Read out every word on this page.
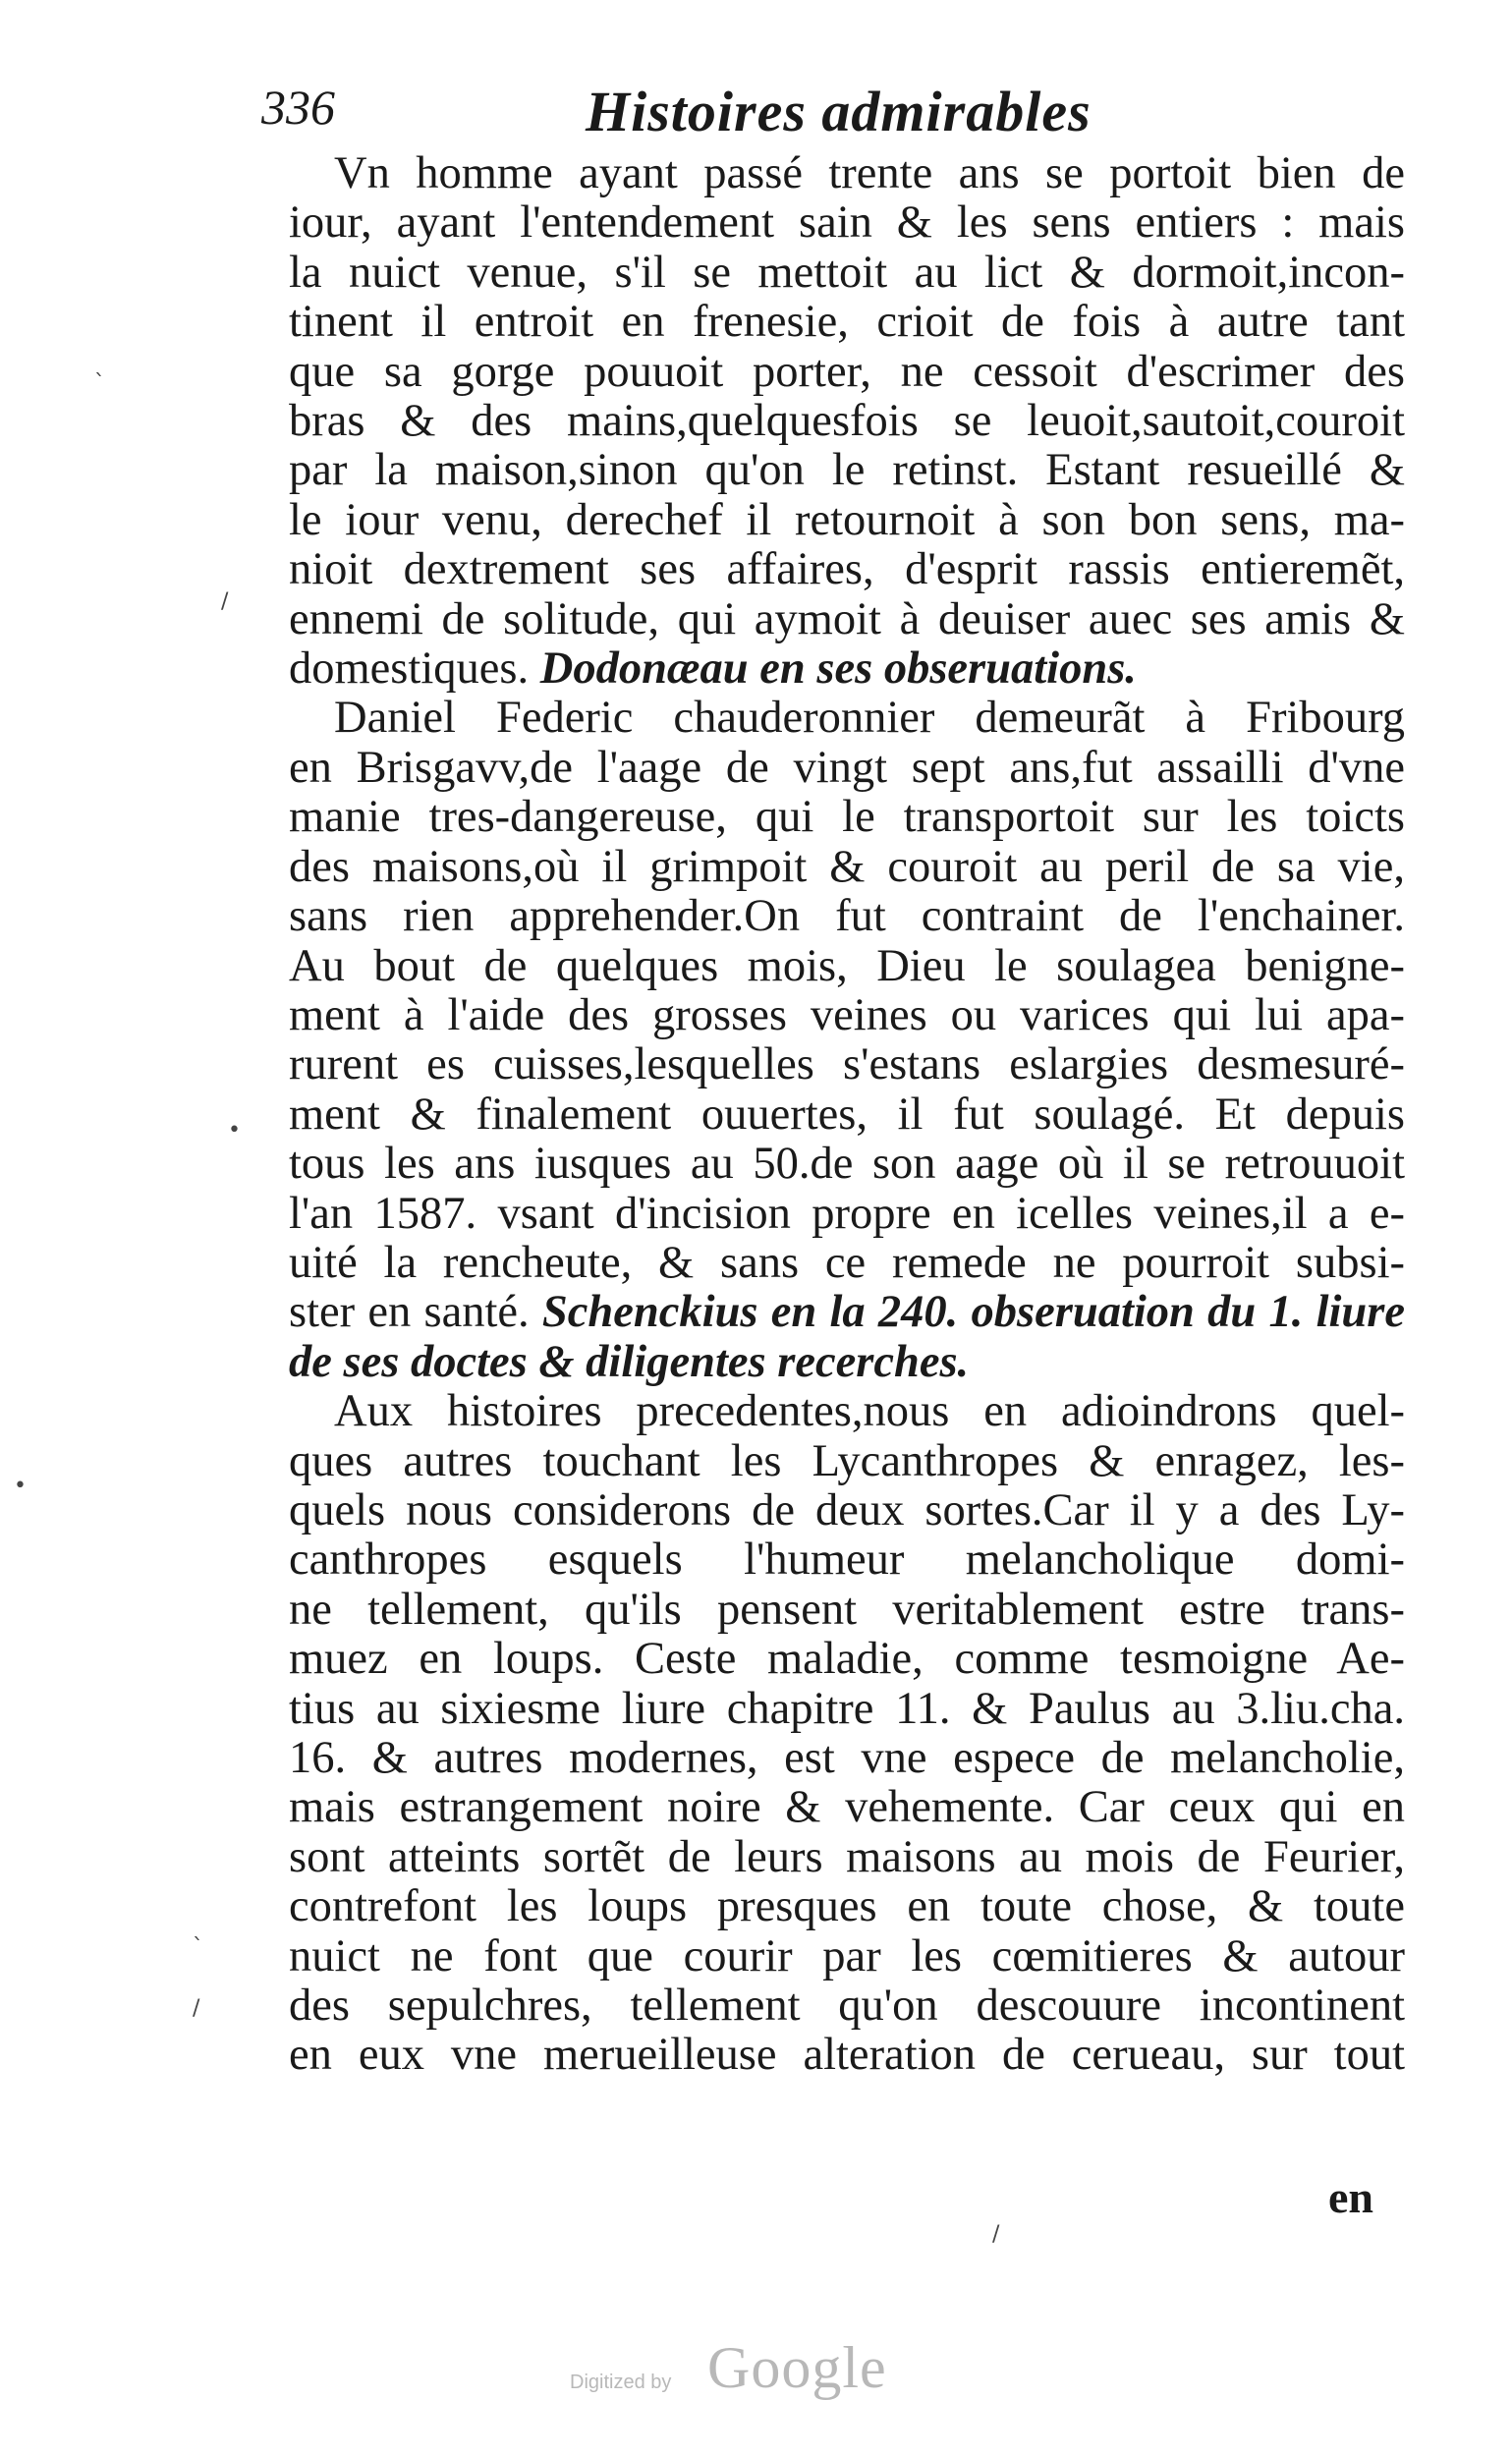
336	Histoires admirables
Vn homme ayant passé trente ans se portoit bien de
iour, ayant l'entendement sain & les sens entiers : mais
la nuict venue, s'il se mettoit au lict & dormoit,incon-
tinent il entroit en frenesie, crioit de fois à autre tant
que sa gorge pouuoit porter, ne cessoit d'escrimer des
bras & des mains,quelquesfois se leuoit,sautoit,couroit
par la maison,sinon qu'on le retinst. Estant resueillé &
le iour venu, derechef il retournoit à son bon sens, ma-
nioit dextrement ses affaires, d'esprit rassis entieremẽt,
ennemi de solitude, qui aymoit à deuiser auec ses amis &
domestiques. Dodonæau en ses obseruations.
Daniel Federic chauderonnier demeurãt à Fribourg
en Brisgavv,de l'aage de vingt sept ans,fut assailli d'vne
manie tres-dangereuse, qui le transportoit sur les toicts
des maisons,où il grimpoit & couroit au peril de sa vie,
sans rien apprehender.On fut contraint de l'enchainer.
Au bout de quelques mois, Dieu le soulagea benigne-
ment à l'aide des grosses veines ou varices qui lui apa-
rurent es cuisses,lesquelles s'estans eslargies desmesuré-
ment & finalement ouuertes, il fut soulagé. Et depuis
tous les ans iusques au 50.de son aage où il se retrouuoit
l'an 1587. vsant d'incision propre en icelles veines,il a e-
uité la rencheute, & sans ce remede ne pourroit subsi-
ster en santé. Schenckius en la 240. obseruation du 1. liure
de ses doctes & diligentes recerches.
Aux histoires precedentes,nous en adioindrons quel-
ques autres touchant les Lycanthropes & enragez, les-
quels nous considerons de deux sortes.Car il y a des Ly-
canthropes esquels l'humeur melancholique domi-
ne tellement, qu'ils pensent veritablement estre trans-
muez en loups. Ceste maladie, comme tesmoigne Ae-
tius au sixiesme liure chapitre 11. & Paulus au 3.liu.cha.
16. & autres modernes, est vne espece de melancholie,
mais estrangement noire & vehemente. Car ceux qui en
sont atteints sortẽt de leurs maisons au mois de Feurier,
contrefont les loups presques en toute chose, & toute
nuict ne font que courir par les cœmitieres & autour
des sepulchres, tellement qu'on descouure incontinent
en eux vne merueilleuse alteration de cerueau, sur tout
en
`
/
•
•
`
/
/
Digitized by Google
